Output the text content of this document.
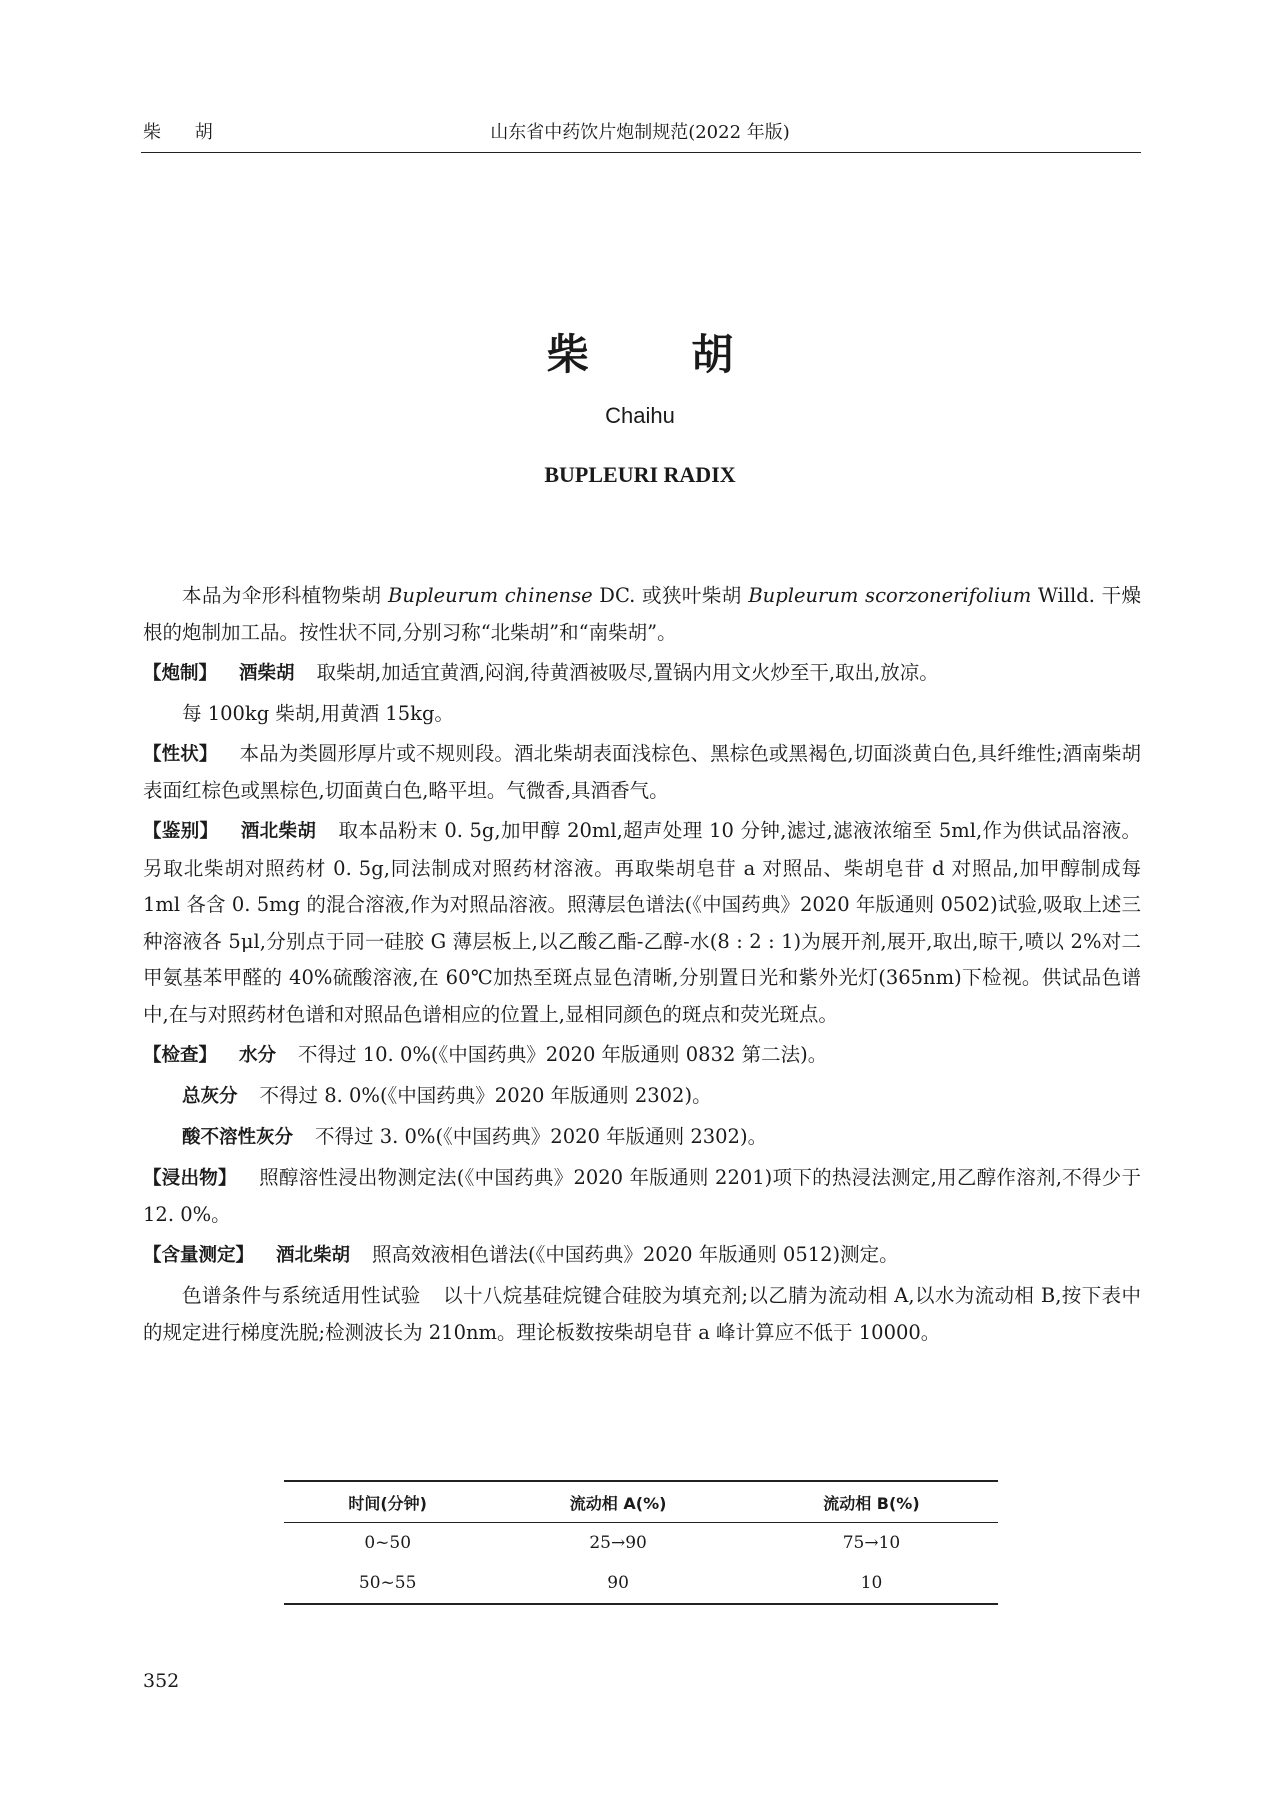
柴 胡	山东省中药饮片炮制规范(2022 年版)
柴 胡
Chaihu
BUPLEURI RADIX

本品为伞形科植物柴胡 Bupleurum chinense DC. 或狭叶柴胡 Bupleurum scorzonerifolium Willd. 干燥根的炮制加工品。按性状不同,分别习称“北柴胡”和“南柴胡”。

【炮制】 酒柴胡 取柴胡,加适宜黄酒,闷润,待黄酒被吸尽,置锅内用文火炒至干,取出,放凉。

每 100kg 柴胡,用黄酒 15kg。

【性状】 本品为类圆形厚片或不规则段。酒北柴胡表面浅棕色、黑棕色或黑褐色,切面淡黄白色,具纤维性;酒南柴胡表面红棕色或黑棕色,切面黄白色,略平坦。气微香,具酒香气。

【鉴别】 酒北柴胡 取本品粉末 0. 5g,加甲醇 20ml,超声处理 10 分钟,滤过,滤液浓缩至 5ml,作为供试品溶液。另取北柴胡对照药材 0. 5g,同法制成对照药材溶液。再取柴胡皂苷 a 对照品、柴胡皂苷 d 对照品,加甲醇制成每 1ml 各含 0. 5mg 的混合溶液,作为对照品溶液。照薄层色谱法(《中国药典》2020 年版通则 0502)试验,吸取上述三种溶液各 5μl,分别点于同一硅胶 G 薄层板上,以乙酸乙酯-乙醇-水(8 : 2 : 1)为展开剂,展开,取出,晾干,喷以 2%对二甲氨基苯甲醛的 40%硫酸溶液,在 60℃加热至斑点显色清晰,分别置日光和紫外光灯(365nm)下检视。供试品色谱中,在与对照药材色谱和对照品色谱相应的位置上,显相同颜色的斑点和荧光斑点。

【检查】 水分 不得过 10. 0%(《中国药典》2020 年版通则 0832 第二法)。

总灰分 不得过 8. 0%(《中国药典》2020 年版通则 2302)。

酸不溶性灰分 不得过 3. 0%(《中国药典》2020 年版通则 2302)。

【浸出物】 照醇溶性浸出物测定法(《中国药典》2020 年版通则 2201)项下的热浸法测定,用乙醇作溶剂,不得少于 12. 0%。

【含量测定】 酒北柴胡 照高效液相色谱法(《中国药典》2020 年版通则 0512)测定。

色谱条件与系统适用性试验 以十八烷基硅烷键合硅胶为填充剂;以乙腈为流动相 A,以水为流动相 B,按下表中的规定进行梯度洗脱;检测波长为 210nm。理论板数按柴胡皂苷 a 峰计算应不低于 10000。

时间(分钟)	流动相 A(%)	流动相 B(%)
0~50	25→90	75→10
50~55	90	10
352
